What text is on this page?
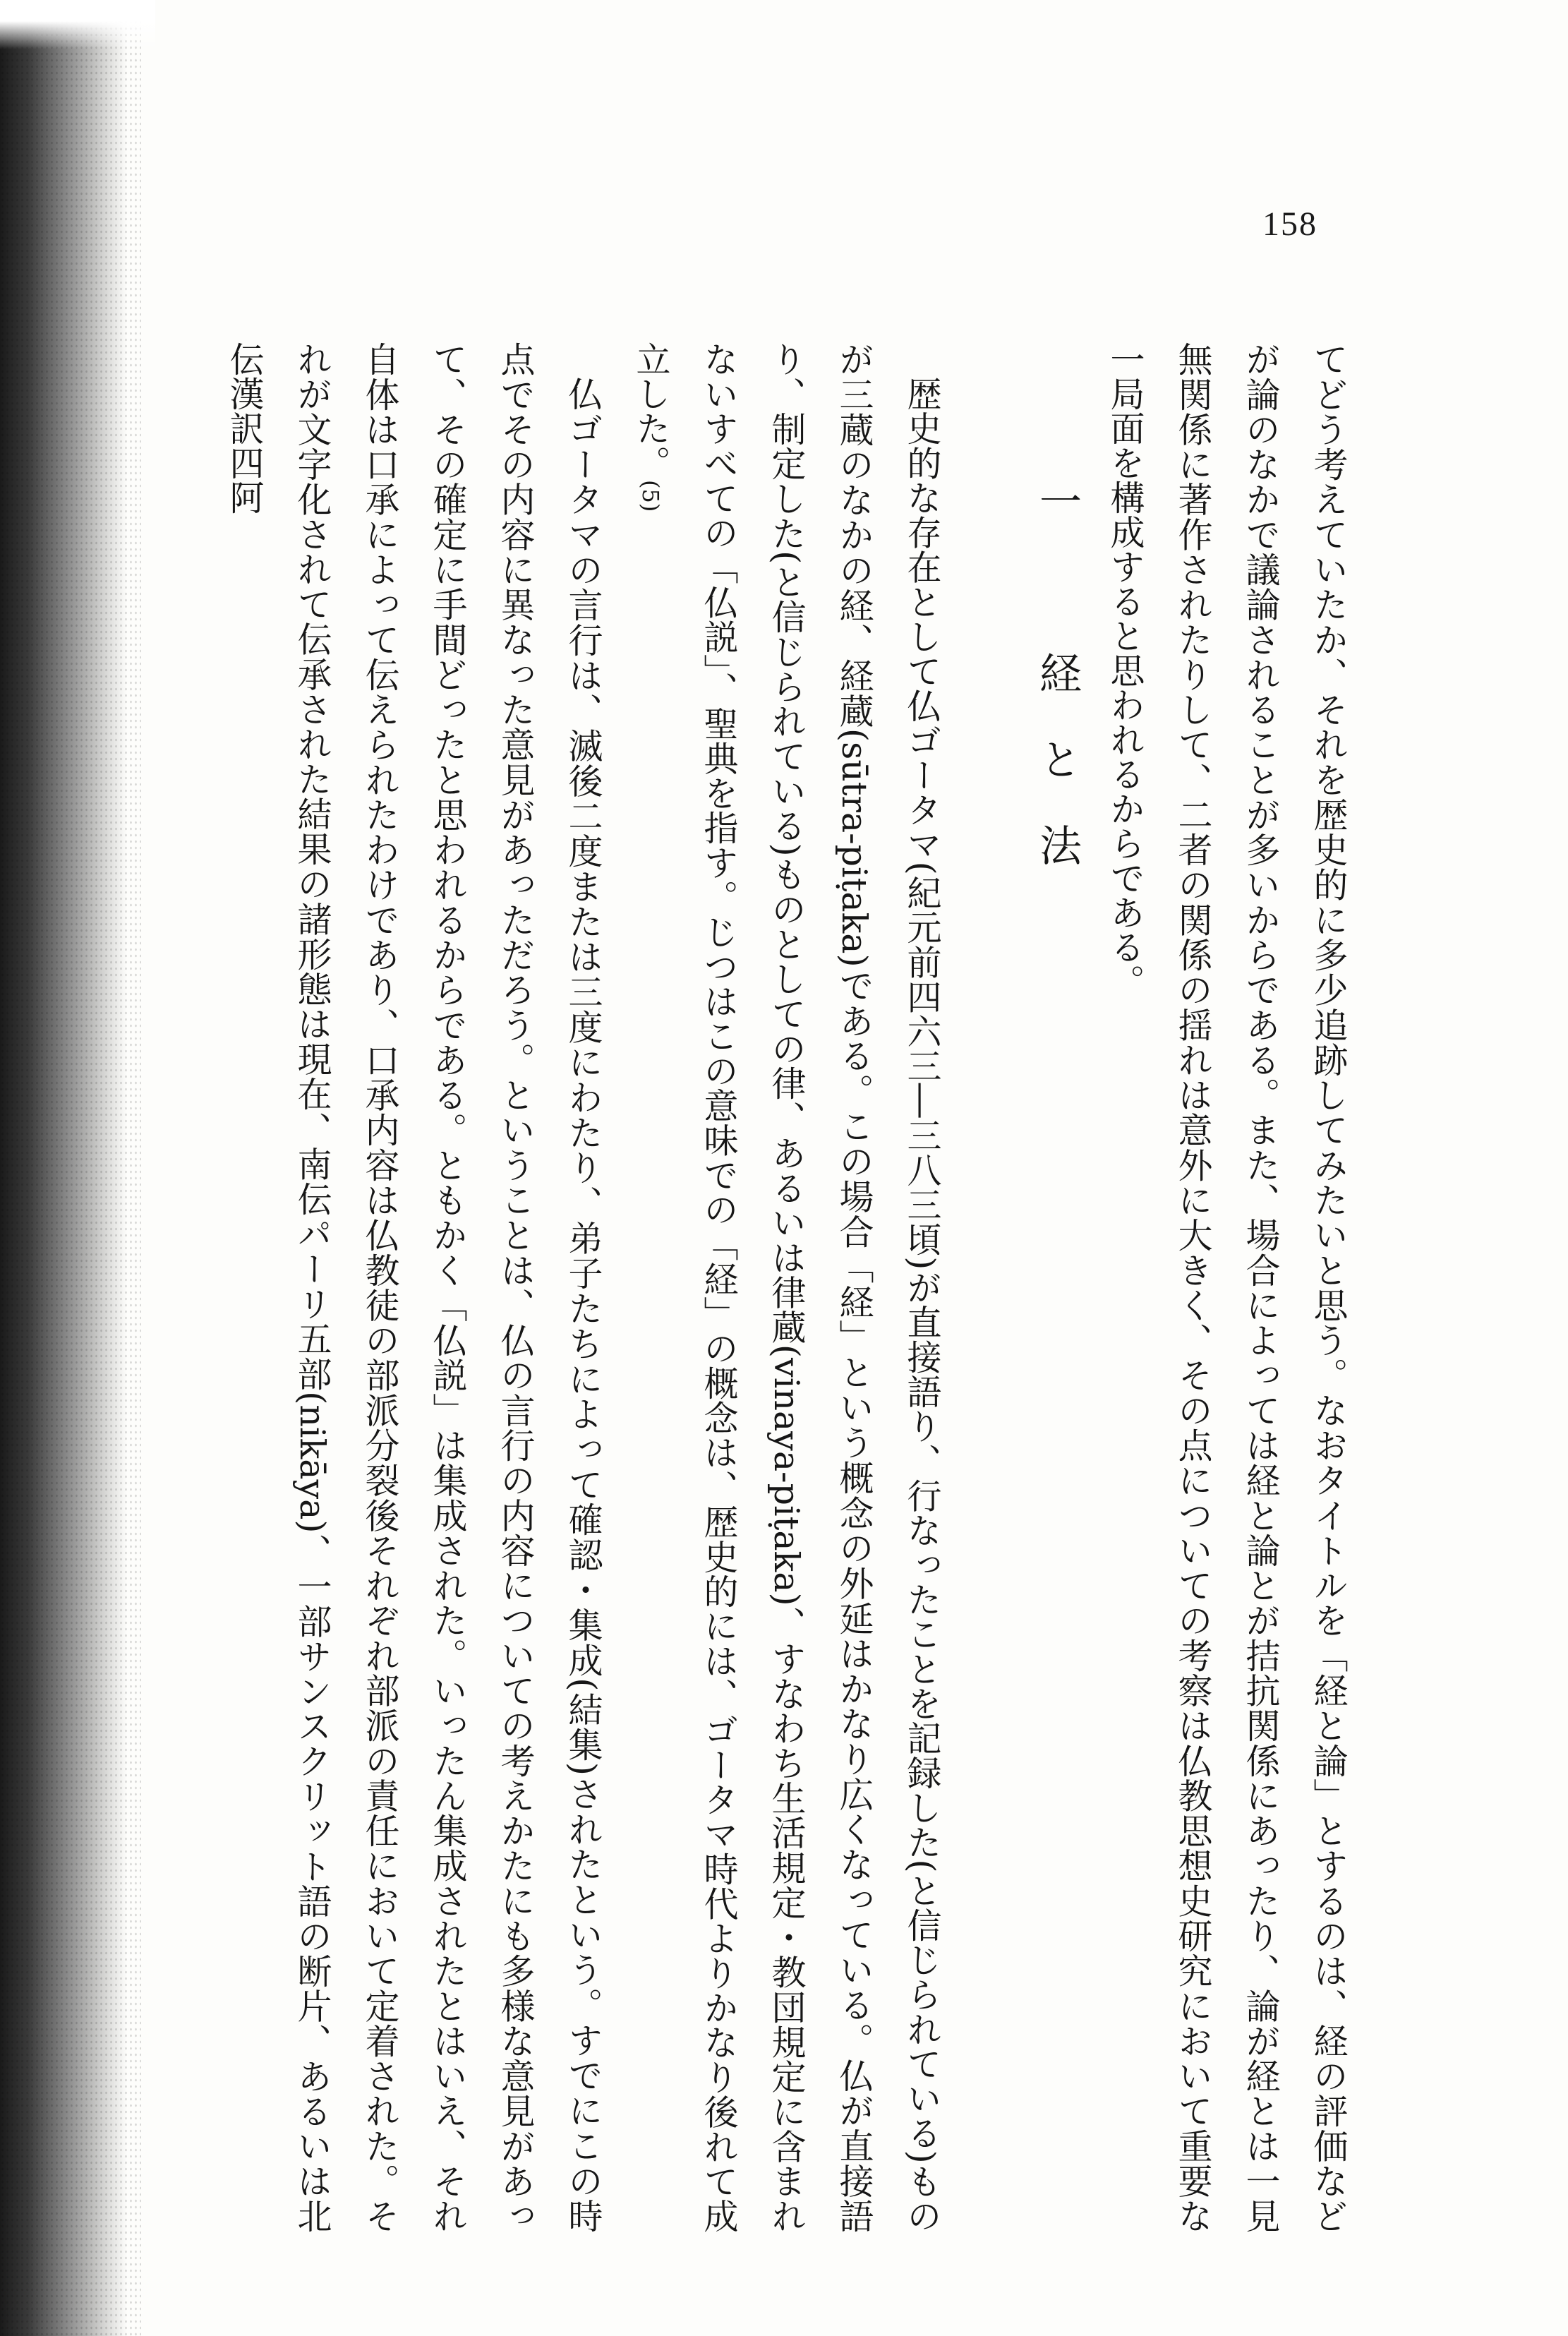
158

てどう考えていたか、それを歴史的に多少追跡してみたいと思う。なおタイトルを「経と論」とするのは、経の評価などが論のなかで議論されることが多いからである。また、場合によっては経と論とが拮抗関係にあったり、論が経とは一見無関係に著作されたりして、二者の関係の揺れは意外に大きく、その点についての考察は仏教思想史研究において重要な一局面を構成すると思われるからである。

一　経と法

歴史的な存在として仏ゴータマ(紀元前四六三―三八三頃)が直接語り、行なったことを記録した(と信じられている)ものが三蔵のなかの経、経蔵(sūtra-piṭaka)である。この場合「経」という概念の外延はかなり広くなっている。仏が直接語り、制定した(と信じられている)ものとしての律、あるいは律蔵(vinaya-piṭaka)、すなわち生活規定・教団規定に含まれないすべての「仏説」、聖典を指す。じつはこの意味での「経」の概念は、歴史的には、ゴータマ時代よりかなり後れて成立した。(5)

仏ゴータマの言行は、滅後二度または三度にわたり、弟子たちによって確認・集成(結集)されたという。すでにこの時点でその内容に異なった意見があっただろう。ということは、仏の言行の内容についての考えかたにも多様な意見があって、その確定に手間どったと思われるからである。ともかく「仏説」は集成された。いったん集成されたとはいえ、それ自体は口承によって伝えられたわけであり、口承内容は仏教徒の部派分裂後それぞれ部派の責任において定着された。それが文字化されて伝承された結果の諸形態は現在、南伝パーリ五部(nikāya)、一部サンスクリット語の断片、あるいは北伝漢訳四阿
